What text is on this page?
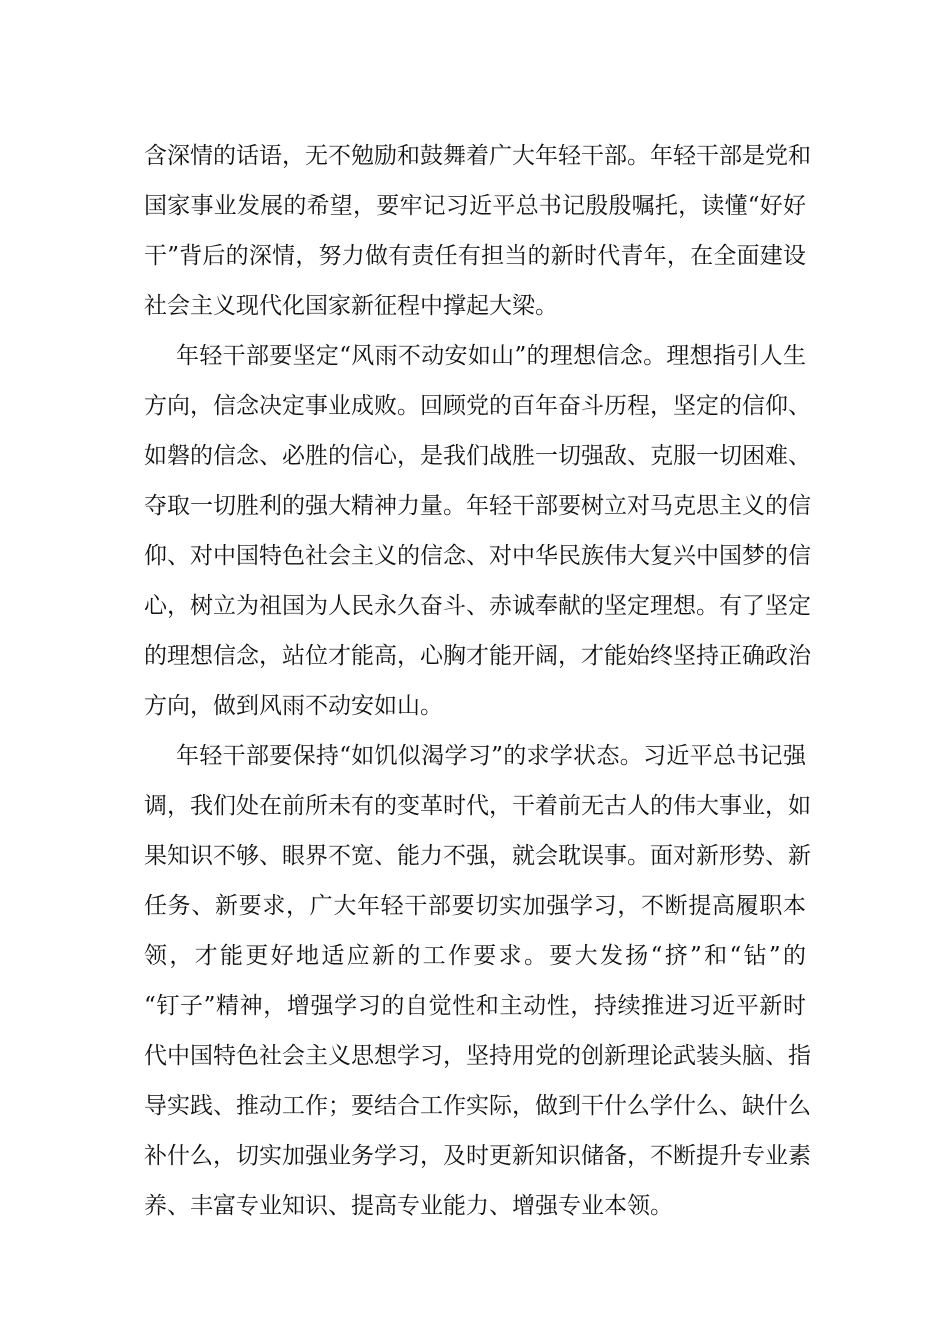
含深情的话语，无不勉励和鼓舞着广大年轻干部。年轻干部是党和
国家事业发展的希望，要牢记习近平总书记殷殷嘱托，读懂“好好
干”背后的深情，努力做有责任有担当的新时代青年，在全面建设
社会主义现代化国家新征程中撑起大梁。
年轻干部要坚定“风雨不动安如山”的理想信念。理想指引人生
方向，信念决定事业成败。回顾党的百年奋斗历程，坚定的信仰、
如磐的信念、必胜的信心，是我们战胜一切强敌、克服一切困难、
夺取一切胜利的强大精神力量。年轻干部要树立对马克思主义的信
仰、对中国特色社会主义的信念、对中华民族伟大复兴中国梦的信
心，树立为祖国为人民永久奋斗、赤诚奉献的坚定理想。有了坚定
的理想信念，站位才能高，心胸才能开阔，才能始终坚持正确政治
方向，做到风雨不动安如山。
年轻干部要保持“如饥似渴学习”的求学状态。习近平总书记强
调，我们处在前所未有的变革时代，干着前无古人的伟大事业，如
果知识不够、眼界不宽、能力不强，就会耽误事。面对新形势、新
任务、新要求，广大年轻干部要切实加强学习，不断提高履职本
领，才能更好地适应新的工作要求。要大发扬“挤”和“钻”的
“钉子”精神，增强学习的自觉性和主动性，持续推进习近平新时
代中国特色社会主义思想学习，坚持用党的创新理论武装头脑、指
导实践、推动工作；要结合工作实际，做到干什么学什么、缺什么
补什么，切实加强业务学习，及时更新知识储备，不断提升专业素
养、丰富专业知识、提高专业能力、增强专业本领。
